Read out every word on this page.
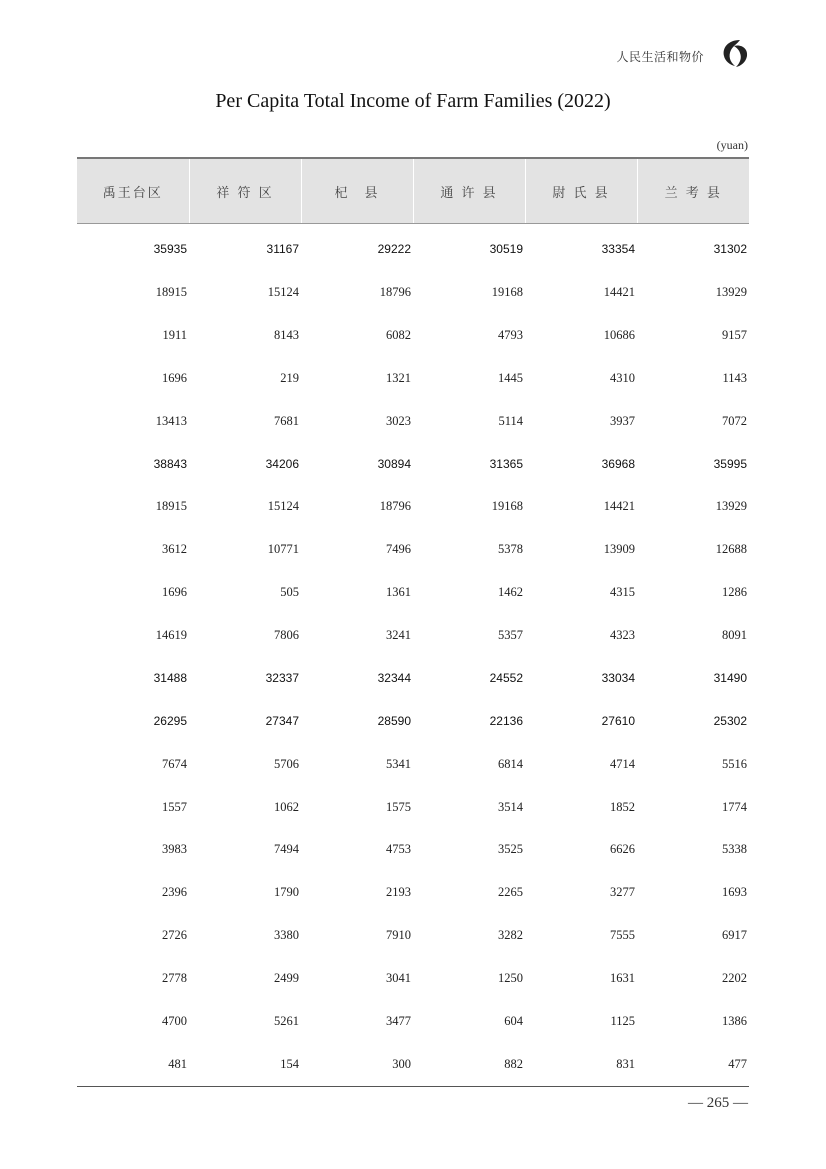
人民生活和物价
Per Capita Total Income of Farm Families (2022)
(yuan)
禹王台区	祥 符 区	杞　县	通 许 县	尉 氏 县	兰 考 县
35935	31167	29222	30519	33354	31302
18915	15124	18796	19168	14421	13929
1911	8143	6082	4793	10686	9157
1696	219	1321	1445	4310	1143
13413	7681	3023	5114	3937	7072
38843	34206	30894	31365	36968	35995
18915	15124	18796	19168	14421	13929
3612	10771	7496	5378	13909	12688
1696	505	1361	1462	4315	1286
14619	7806	3241	5357	4323	8091
31488	32337	32344	24552	33034	31490
26295	27347	28590	22136	27610	25302
7674	5706	5341	6814	4714	5516
1557	1062	1575	3514	1852	1774
3983	7494	4753	3525	6626	5338
2396	1790	2193	2265	3277	1693
2726	3380	7910	3282	7555	6917
2778	2499	3041	1250	1631	2202
4700	5261	3477	604	1125	1386
481	154	300	882	831	477
— 265 —
